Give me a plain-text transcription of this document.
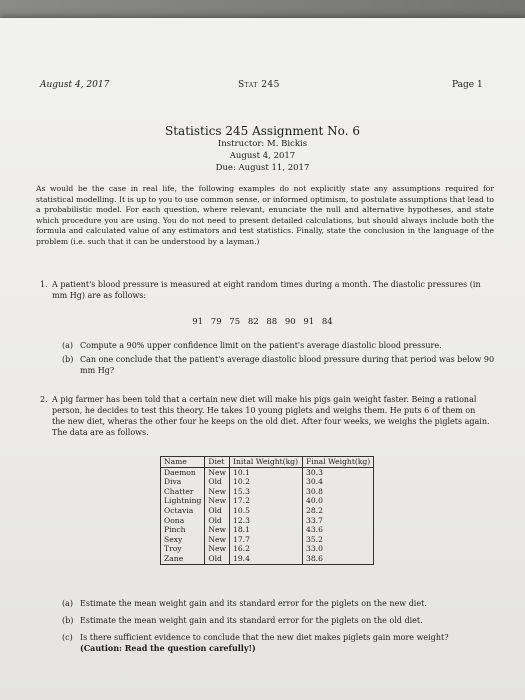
August 4, 2017	Stat 245	Page 1
Statistics 245 Assignment No. 6
Instructor: M. Bickis
August 4, 2017
Due: August 11, 2017
As would be the case in real life, the following examples do not explicitly state any assumptions required for statistical modelling. It is up to you to use common sense, or informed optimism, to postulate assumptions that lead to a probabilistic model. For each question, where relevant, enunciate the null and alternative hypotheses, and state which procedure you are using. You do not need to present detailed calculations, but should always include both the formula and calculated value of any estimators and test statistics. Finally, state the conclusion in the language of the problem (i.e. such that it can be understood by a layman.)
1. A patient's blood pressure is measured at eight random times during a month. The diastolic pressures (in mm Hg) are as follows:
91 79 75 82 88 90 91 84
(a) Compute a 90% upper confidence limit on the patient's average diastolic blood pressure.
(b) Can one conclude that the patient's average diastolic blood pressure during that period was below 90 mm Hg?
2. A pig farmer has been told that a certain new diet will make his pigs gain weight faster. Being a rational person, he decides to test this theory. He takes 10 young piglets and weighs them. He puts 6 of them on the new diet, wheras the other four he keeps on the old diet. After four weeks, we weighs the piglets again. The data are as follows.
Name	Diet	Inital Weight(kg)	Final Weight(kg)
Daemon	New	10.1	30.3
Diva	Old	10.2	30.4
Chatter	New	15.3	30.8
Lightning	New	17.2	40.0
Octavia	Old	10.5	28.2
Oona	Old	12.3	33.7
Pinch	New	18.1	43.6
Sexy	New	17.7	35.2
Troy	New	16.2	33.0
Zane	Old	19.4	38.6
(a) Estimate the mean weight gain and its standard error for the piglets on the new diet.
(b) Estimate the mean weight gain and its standard error for the piglets on the old diet.
(c) Is there sufficient evidence to conclude that the new diet makes piglets gain more weight?
(Caution: Read the question carefully!)
